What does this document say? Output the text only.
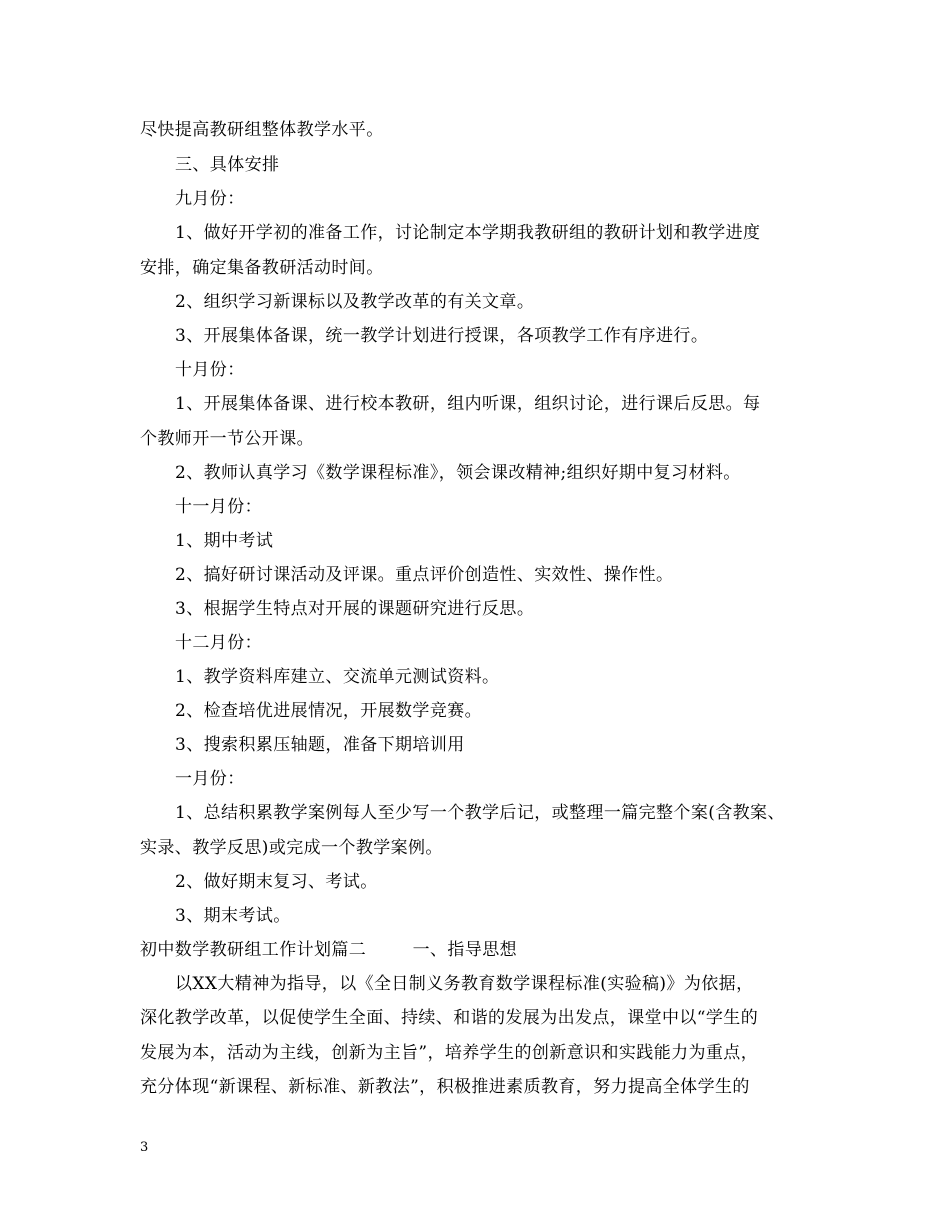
尽快提高教研组整体教学水平。
三、具体安排
九月份：
1、做好开学初的准备工作，讨论制定本学期我教研组的教研计划和教学进度
安排，确定集备教研活动时间。
2、组织学习新课标以及教学改革的有关文章。
3、开展集体备课，统一教学计划进行授课，各项教学工作有序进行。
十月份：
1、开展集体备课、进行校本教研，组内听课，组织讨论，进行课后反思。每
个教师开一节公开课。
2、教师认真学习《数学课程标准》，领会课改精神;组织好期中复习材料。
十一月份：
1、期中考试
2、搞好研讨课活动及评课。重点评价创造性、实效性、操作性。
3、根据学生特点对开展的课题研究进行反思。
十二月份：
1、教学资料库建立、交流单元测试资料。
2、检查培优进展情况，开展数学竞赛。
3、搜索积累压轴题，准备下期培训用
一月份：
1、总结积累教学案例每人至少写一个教学后记，或整理一篇完整个案(含教案、
实录、教学反思)或完成一个教学案例。
2、做好期末复习、考试。
3、期末考试。
初中数学教研组工作计划篇二        一、指导思想
以XX大精神为指导，以《全日制义务教育数学课程标准(实验稿)》为依据，
深化教学改革，以促使学生全面、持续、和谐的发展为出发点，课堂中以“学生的
发展为本，活动为主线，创新为主旨”，培养学生的创新意识和实践能力为重点，
充分体现“新课程、新标准、新教法”，积极推进素质教育，努力提高全体学生的
3
